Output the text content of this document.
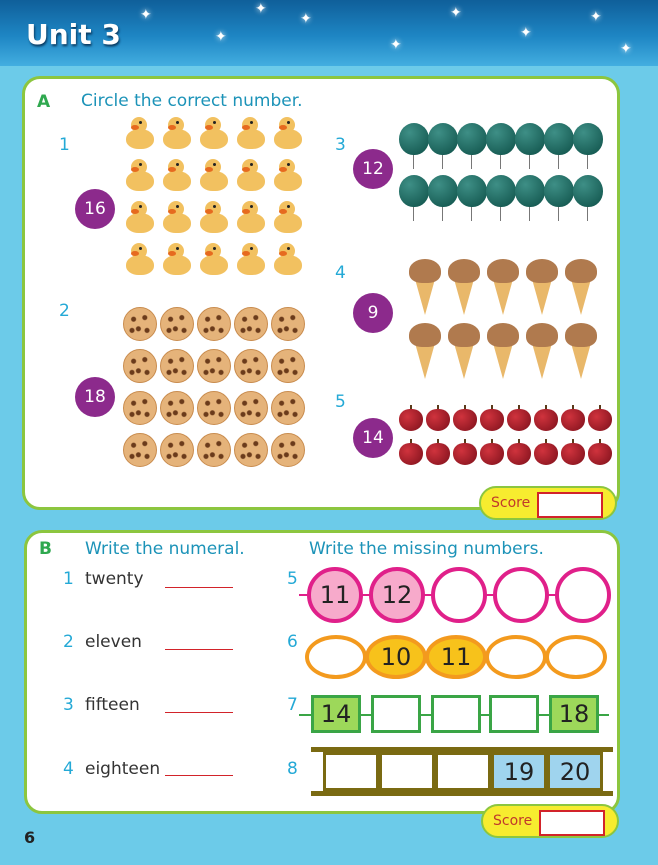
✦
✦
✦
✦
✦
✦
✦
✦
✦
Unit 3
A Circle the correct number.
1
16
2
18
3
12
4
9
5
14
Score
B Write the numeral.	Write the missing numbers.
1 twenty
2 eleven
3 fifteen
4 eighteen
5
6
7
8
11	12
10	11
14	18
19	20
Score
6
